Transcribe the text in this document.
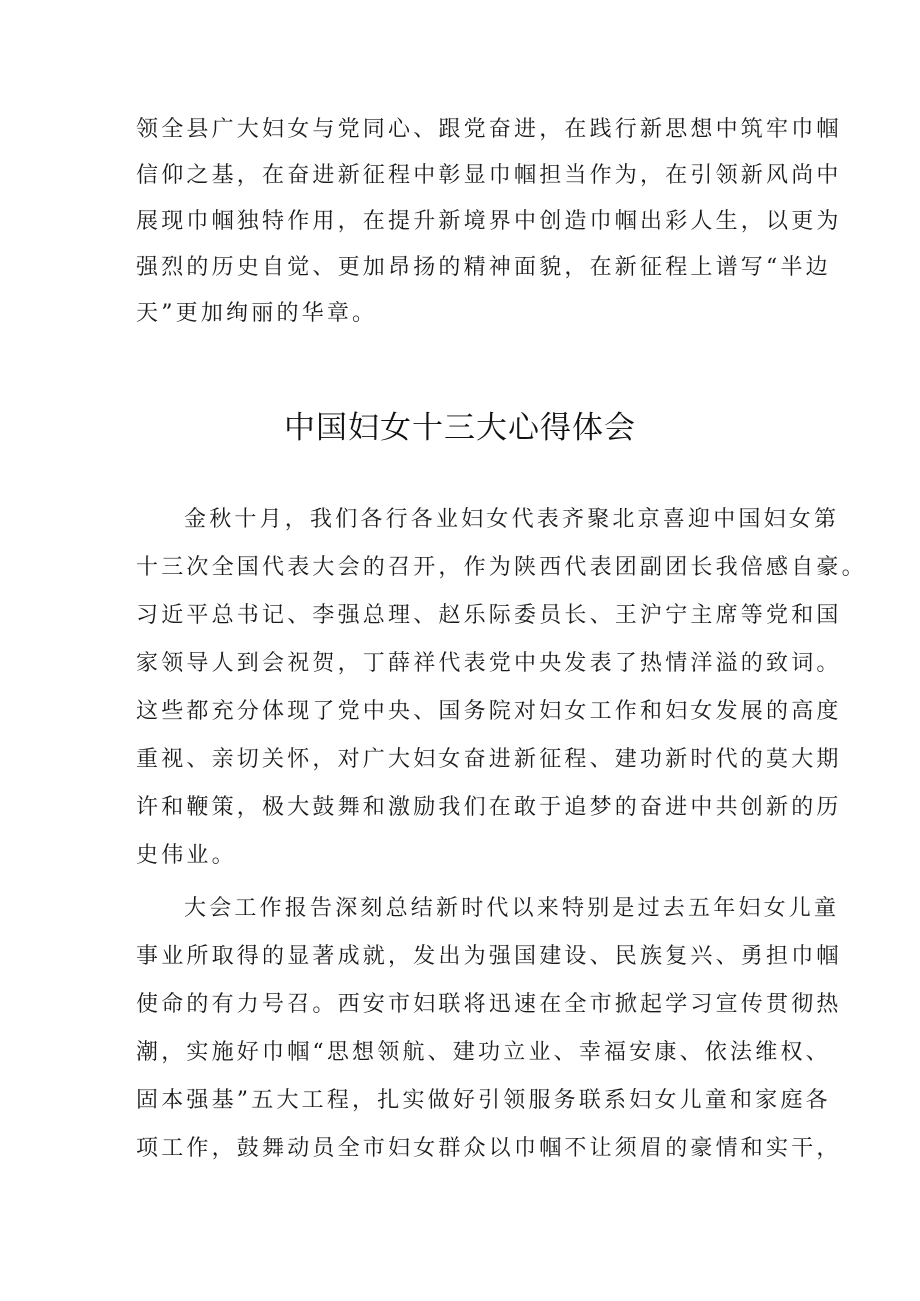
领全县广大妇女与党同心、跟党奋进，在践行新思想中筑牢巾帼
信仰之基，在奋进新征程中彰显巾帼担当作为，在引领新风尚中
展现巾帼独特作用，在提升新境界中创造巾帼出彩人生，以更为
强烈的历史自觉、更加昂扬的精神面貌，在新征程上谱写“半边
天”更加绚丽的华章。
中国妇女十三大心得体会
金秋十月，我们各行各业妇女代表齐聚北京喜迎中国妇女第
十三次全国代表大会的召开，作为陕西代表团副团长我倍感自豪。
习近平总书记、李强总理、赵乐际委员长、王沪宁主席等党和国
家领导人到会祝贺，丁薛祥代表党中央发表了热情洋溢的致词。
这些都充分体现了党中央、国务院对妇女工作和妇女发展的高度
重视、亲切关怀，对广大妇女奋进新征程、建功新时代的莫大期
许和鞭策，极大鼓舞和激励我们在敢于追梦的奋进中共创新的历
史伟业。
大会工作报告深刻总结新时代以来特别是过去五年妇女儿童
事业所取得的显著成就，发出为强国建设、民族复兴、勇担巾帼
使命的有力号召。西安市妇联将迅速在全市掀起学习宣传贯彻热
潮，实施好巾帼“思想领航、建功立业、幸福安康、依法维权、
固本强基”五大工程，扎实做好引领服务联系妇女儿童和家庭各
项工作，鼓舞动员全市妇女群众以巾帼不让须眉的豪情和实干，
